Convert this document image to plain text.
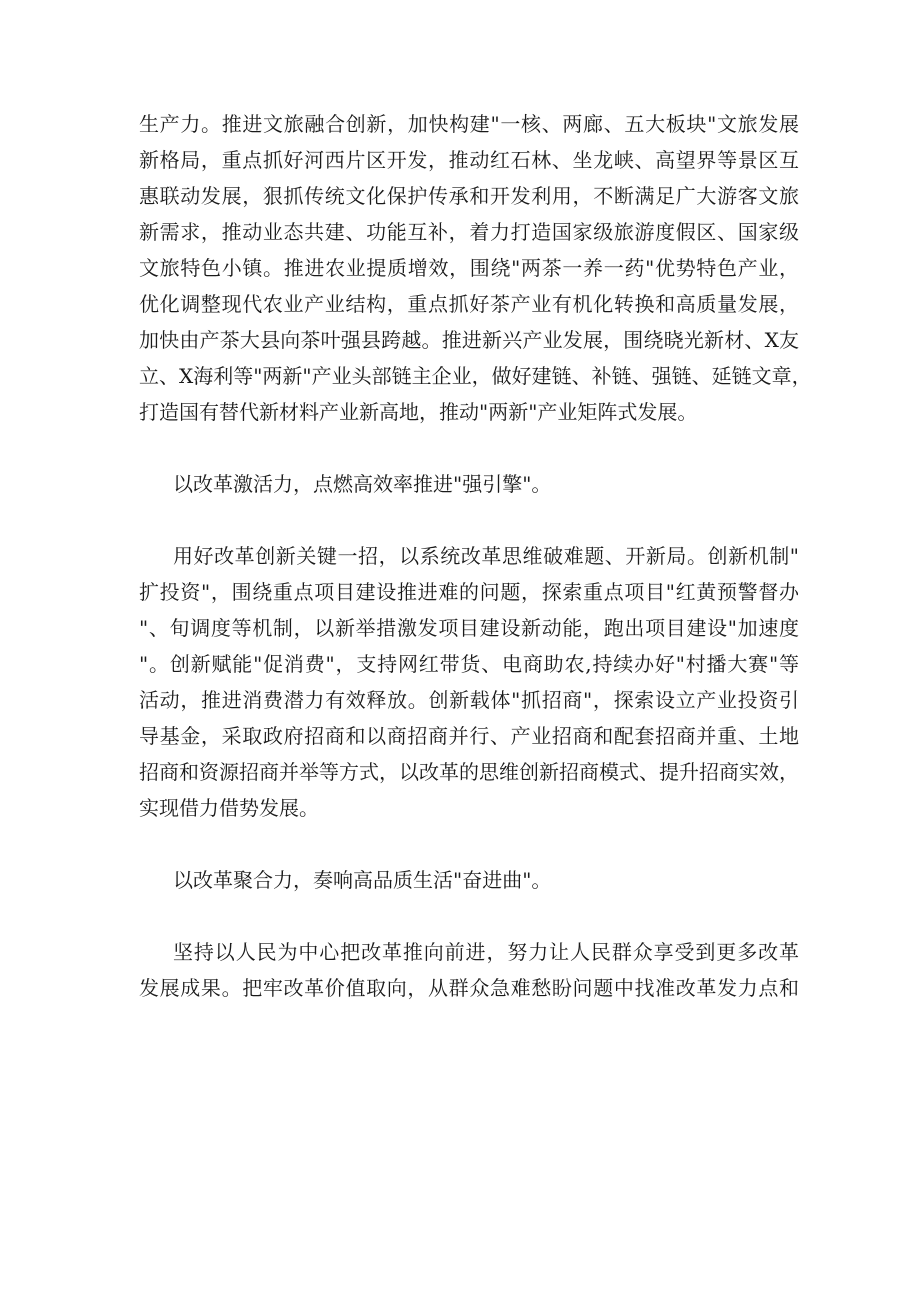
生产力。推进文旅融合创新，加快构建"一核、两廊、五大板块"文旅发展
新格局，重点抓好河西片区开发，推动红石林、坐龙峡、高望界等景区互
惠联动发展，狠抓传统文化保护传承和开发利用，不断满足广大游客文旅
新需求，推动业态共建、功能互补，着力打造国家级旅游度假区、国家级
文旅特色小镇。推进农业提质增效，围绕"两茶一养一药"优势特色产业，
优化调整现代农业产业结构，重点抓好茶产业有机化转换和高质量发展，
加快由产茶大县向茶叶强县跨越。推进新兴产业发展，围绕晓光新材、X友
立、X海利等"两新"产业头部链主企业，做好建链、补链、强链、延链文章，
打造国有替代新材料产业新高地，推动"两新"产业矩阵式发展。
以改革激活力，点燃高效率推进"强引擎"。
用好改革创新关键一招，以系统改革思维破难题、开新局。创新机制"
扩投资"，围绕重点项目建设推进难的问题，探索重点项目"红黄预警督办
"、旬调度等机制，以新举措激发项目建设新动能，跑出项目建设"加速度
"。创新赋能"促消费"，支持网红带货、电商助农,持续办好"村播大赛"等
活动，推进消费潜力有效释放。创新载体"抓招商"，探索设立产业投资引
导基金，采取政府招商和以商招商并行、产业招商和配套招商并重、土地
招商和资源招商并举等方式，以改革的思维创新招商模式、提升招商实效，
实现借力借势发展。
以改革聚合力，奏响高品质生活"奋进曲"。
坚持以人民为中心把改革推向前进，努力让人民群众享受到更多改革
发展成果。把牢改革价值取向，从群众急难愁盼问题中找准改革发力点和
